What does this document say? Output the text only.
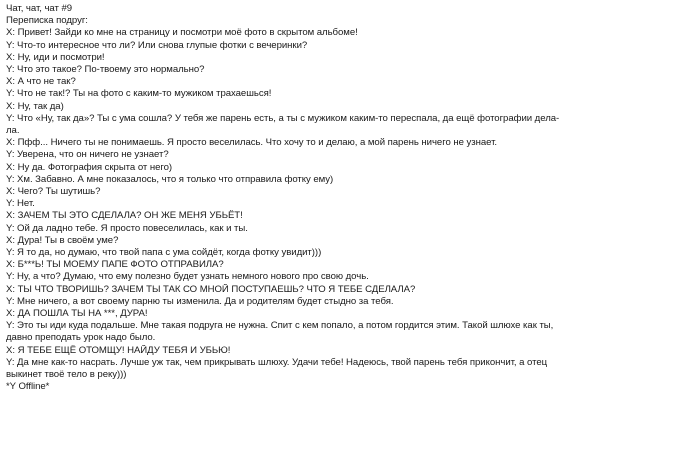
Чат, чат, чат #9
Переписка подруг:
X: Привет! Зайди ко мне на страницу и посмотри моё фото в скрытом альбоме!
Y: Что-то интересное что ли? Или снова глупые фотки с вечеринки?
X: Ну, иди и посмотри!
Y: Что это такое? По-твоему это нормально?
X: А что не так?
Y: Что не так!? Ты на фото с каким-то мужиком трахаешься!
X: Ну, так да)
Y: Что «Ну, так да»? Ты с ума сошла? У тебя же парень есть, а ты с мужиком каким-то переспала, да ещё фотографии дела-
ла.
X: Пфф... Ничего ты не понимаешь. Я просто веселилась. Что хочу то и делаю, а мой парень ничего не узнает.
Y: Уверена, что он ничего не узнает?
X: Ну да. Фотография скрыта от него)
Y: Хм. Забавно. А мне показалось, что я только что отправила фотку ему)
X: Чего? Ты шутишь?
Y: Нет.
X: ЗАЧЕМ ТЫ ЭТО СДЕЛАЛА? ОН ЖЕ МЕНЯ УБЬЁТ!
Y: Ой да ладно тебе. Я просто повеселилась, как и ты.
X: Дура! Ты в своём уме?
Y: Я то да, но думаю, что твой папа с ума сойдёт, когда фотку увидит)))
X: Б***Ь! ТЫ МОЕМУ ПАПЕ ФОТО ОТПРАВИЛА?
Y: Ну, а что? Думаю, что ему полезно будет узнать немного нового про свою дочь.
X: ТЫ ЧТО ТВОРИШЬ? ЗАЧЕМ ТЫ ТАК СО МНОЙ ПОСТУПАЕШЬ? ЧТО Я ТЕБЕ СДЕЛАЛА?
Y: Мне ничего, а вот своему парню ты изменила. Да и родителям будет стыдно за тебя.
X: ДА ПОШЛА ТЫ НА ***, ДУРА!
Y: Это ты иди куда подальше. Мне такая подруга не нужна. Спит с кем попало, а потом гордится этим. Такой шлюхе как ты,
давно преподать урок надо было.
X: Я ТЕБЕ ЕЩЁ ОТОМЩУ! НАЙДУ ТЕБЯ И УБЬЮ!
Y: Да мне как-то насрать. Лучше уж так, чем прикрывать шлюху. Удачи тебе! Надеюсь, твой парень тебя прикончит, а отец
выкинет твоё тело в реку)))
*Y Offline*
